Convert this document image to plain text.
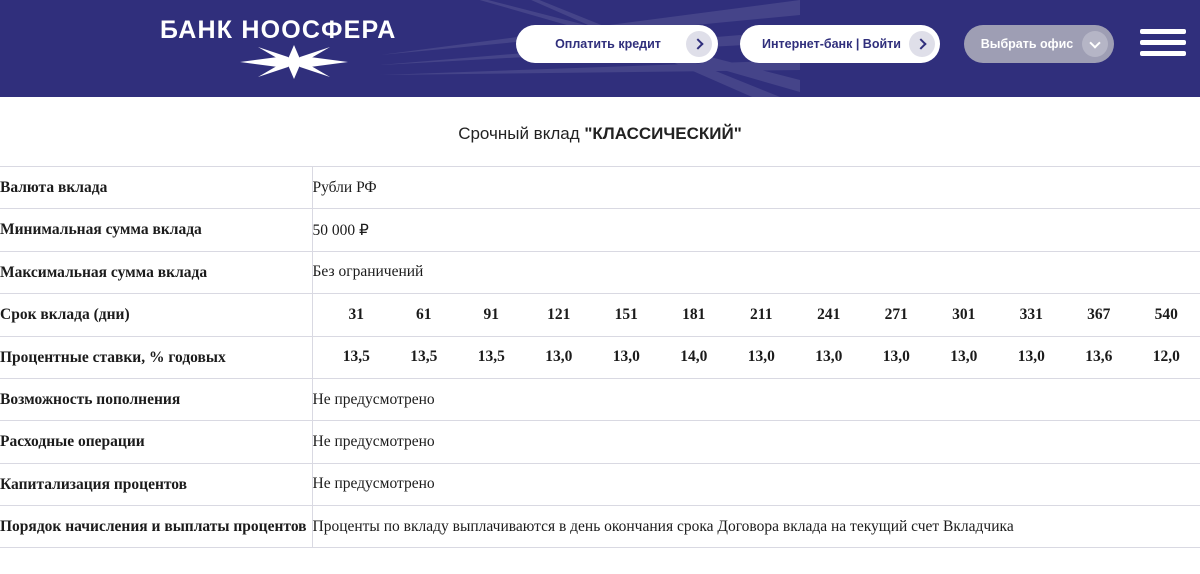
БАНК НООСФЕРА	Оплатить кредит	Интернет-банк | Войти	Выбрать офис
Срочный вклад "КЛАССИЧЕСКИЙ"
Валюта вклада	Рубли РФ
Минимальная сумма вклада	50 000 ₽
Максимальная сумма вклада	Без ограничений
Срок вклада (дни)	31	61	91	121	151	181	211	241	271	301	331	367	540

Процентные ставки, % годовых	13,5	13,5	13,5	13,0	13,0	14,0	13,0	13,0	13,0	13,0	13,0	13,6	12,0

Возможность пополнения	Не предусмотрено
Расходные операции	Не предусмотрено
Капитализация процентов	Не предусмотрено
Порядок начисления и выплаты процентов	Проценты по вкладу выплачиваются в день окончания срока Договора вклада на текущий счет Вкладчика
